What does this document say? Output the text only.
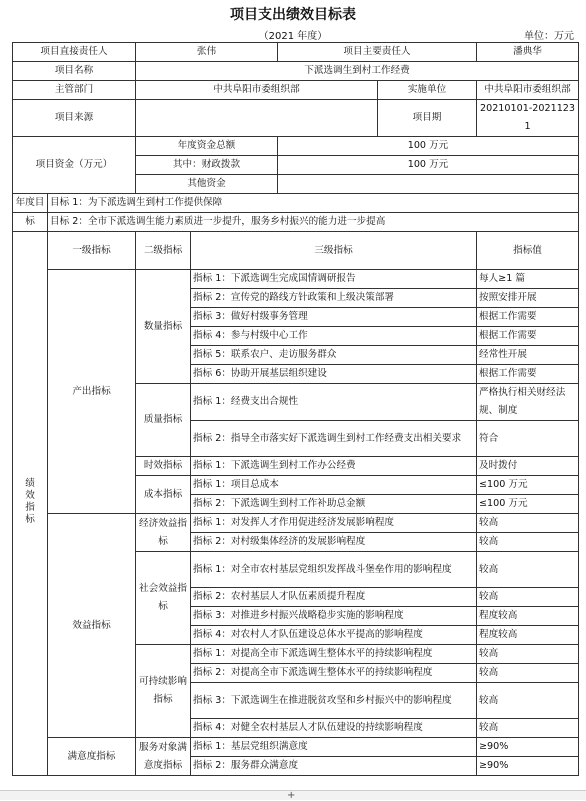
项目支出绩效目标表
（2021 年度）	单位：万元
项目直接责任人		张伟		项目主要责任人		潘典华
项目名称		下派选调生到村工作经费				
主管部门		中共阜阳市委组织部			实施单位	中共阜阳市委组织部
项目来源					项目期	20210101-20211231
项目资金（万元）		年度资金总额		100 万元		
		其中：财政拨款		100 万元		
		其他资金				
年度目	目标 1：为下派选调生到村工作提供保障					
标	目标 2：全市下派选调生能力素质进一步提升，服务乡村振兴的能力进一步提高					
绩效指标	一级指标	二级指标	三级指标			指标值
	产出指标	数量指标	指标 1：下派选调生完成国情调研报告			每人≥1 篇
			指标 2：宣传党的路线方针政策和上级决策部署			按照安排开展
			指标 3：做好村级事务管理			根据工作需要
			指标 4：参与村级中心工作			根据工作需要
			指标 5：联系农户、走访服务群众			经常性开展
			指标 6：协助开展基层组织建设			根据工作需要
		质量指标	指标 1：经费支出合规性			严格执行相关财经法规、制度

			指标 2：指导全市落实好下派选调生到村工作经费支出相关要求			符合

		时效指标	指标 1：下派选调生到村工作办公经费			及时拨付
		成本指标	指标 1：项目总成本			≤100 万元
			指标 2：下派选调生到村工作补助总金额			≤100 万元
	效益指标	经济效益指标	指标 1：对发挥人才作用促进经济发展影响程度			较高
			指标 2：对村级集体经济的发展影响程度			较高
		社会效益指标	指标 1：对全市农村基层党组织发挥战斗堡垒作用的影响程度			较高

			指标 2：农村基层人才队伍素质提升程度			较高
			指标 3：对推进乡村振兴战略稳步实施的影响程度			程度较高
			指标 4：对农村人才队伍建设总体水平提高的影响程度			程度较高
		可持续影响指标	指标 1：对提高全市下派选调生整体水平的持续影响程度			较高
			指标 2：对提高全市下派选调生整体水平的持续影响程度			较高
			指标 3：下派选调生在推进脱贫攻坚和乡村振兴中的影响程度			较高

			指标 4：对健全农村基层人才队伍建设的持续影响程度			较高

	满意度指标	服务对象满意度指标	指标 1：基层党组织满意度			≥90%
			指标 2：服务群众满意度			≥90%
+
